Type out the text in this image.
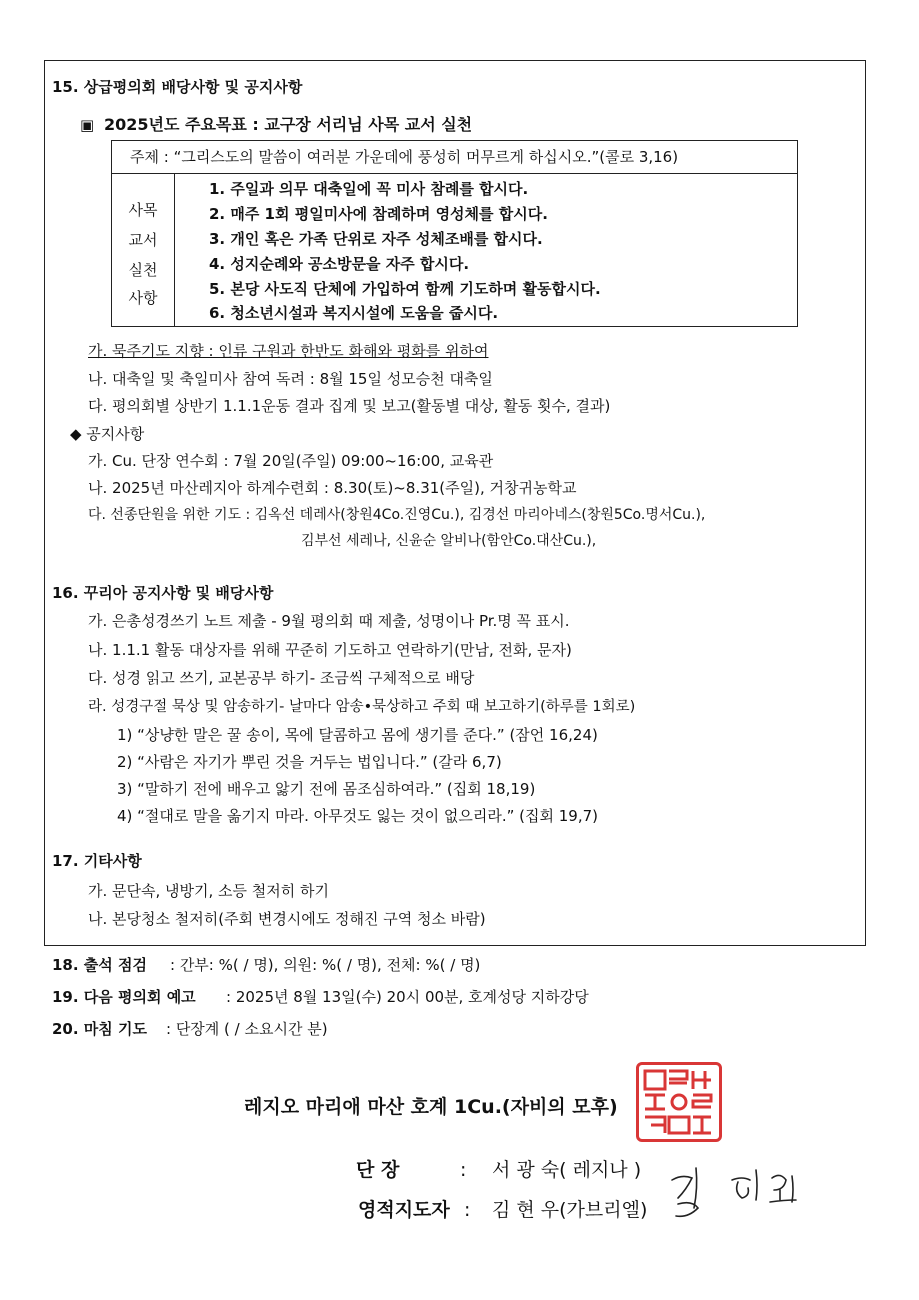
15. 상급평의회 배당사항 및 공지사항
▣ 2025년도 주요목표 : 교구장 서리님 사목 교서 실천
주제 : “그리스도의 말씀이 여러분 가운데에 풍성히 머무르게 하십시오.”(콜로 3,16)
사목
교서
실천
사항
1. 주일과 의무 대축일에 꼭 미사 참례를 합시다.
2. 매주 1회 평일미사에 참례하며 영성체를 합시다.
3. 개인 혹은 가족 단위로 자주 성체조배를 합시다.
4. 성지순례와 공소방문을 자주 합시다.
5. 본당 사도직 단체에 가입하여 함께 기도하며 활동합시다.
6. 청소년시설과 복지시설에 도움을 줍시다.
가. 묵주기도 지향 : 인류 구원과 한반도 화해와 평화를 위하여
나. 대축일 및 축일미사 참여 독려 : 8월 15일 성모승천 대축일
다. 평의회별 상반기 1.1.1운동 결과 집계 및 보고(활동별 대상, 활동 횟수, 결과)
◆ 공지사항
가. Cu. 단장 연수회 : 7월 20일(주일) 09:00~16:00, 교육관
나. 2025년 마산레지아 하계수련회 : 8.30(토)~8.31(주일), 거창귀농학교
다. 선종단원을 위한 기도 : 김옥선 데레사(창원4Co.진영Cu.), 김경선 마리아네스(창원5Co.명서Cu.),
김부선 세레나, 신윤순 알비나(함안Co.대산Cu.),
16. 꾸리아 공지사항 및 배당사항
가. 은총성경쓰기 노트 제출 - 9월 평의회 때 제출, 성명이나 Pr.명 꼭 표시.
나. 1.1.1 활동 대상자를 위해 꾸준히 기도하고 연락하기(만남, 전화, 문자)
다. 성경 읽고 쓰기, 교본공부 하기- 조금씩 구체적으로 배당
라. 성경구절 묵상 및 암송하기- 날마다 암송•묵상하고 주회 때 보고하기(하루를 1회로)
1) “상냥한 말은 꿀 송이, 목에 달콤하고 몸에 생기를 준다.” (잠언 16,24)
2) “사람은 자기가 뿌린 것을 거두는 법입니다.” (갈라 6,7)
3) “말하기 전에 배우고 앓기 전에 몸조심하여라.” (집회 18,19)
4) “절대로 말을 옮기지 마라. 아무것도 잃는 것이 없으리라.” (집회 19,7)
17. 기타사항
가. 문단속, 냉방기, 소등 철저히 하기
나. 본당청소 철저히(주회 변경시에도 정해진 구역 청소 바람)
18. 출석 점검 : 간부: %( / 명), 의원: %( / 명), 전체: %( / 명)
19. 다음 평의회 예고 : 2025년 8월 13일(수) 20시 00분, 호계성당 지하강당
20. 마침 기도 : 단장계 ( / 소요시간 분)
레지오 마리애 마산 호계 1Cu.(자비의 모후)
단 장	: 서 광 숙( 레지나 )
영적지도자 : 김 현 우(가브리엘)
